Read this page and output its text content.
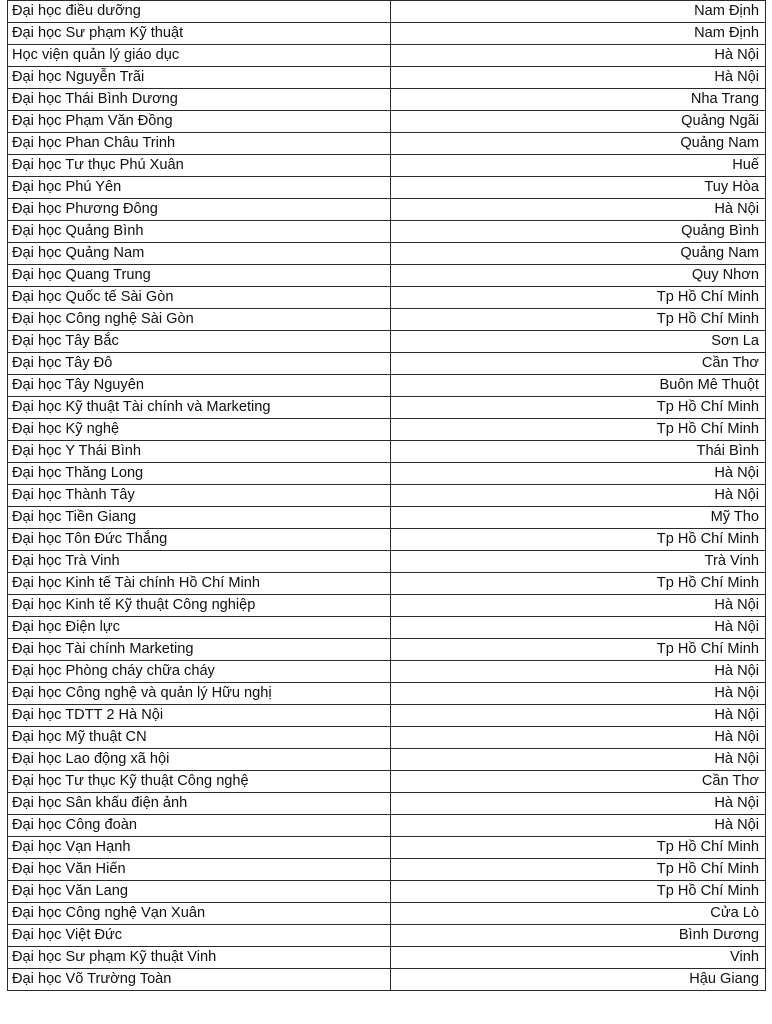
Đại học điều dưỡng	Nam Định
Đại học Sư phạm Kỹ thuật	Nam Định
Học viện quản lý giáo dục	Hà Nội
Đại học Nguyễn Trãi	Hà Nội
Đại học Thái Bình Dương	Nha Trang
Đại học Phạm Văn Đồng	Quảng Ngãi
Đại học Phan Châu Trinh	Quảng Nam
Đại học Tư thục Phú Xuân	Huế
Đại học Phú Yên	Tuy Hòa
Đại học Phương Đông	Hà Nội
Đại học Quảng Bình	Quảng Bình
Đại học Quảng Nam	Quảng Nam
Đại học Quang Trung	Quy Nhơn
Đại học Quốc tế Sài Gòn	Tp Hồ Chí Minh
Đại học Công nghệ Sài Gòn	Tp Hồ Chí Minh
Đại học Tây Bắc	Sơn La
Đại học Tây Đô	Cần Thơ
Đại học Tây Nguyên	Buôn Mê Thuột
Đại học Kỹ thuật Tài chính và Marketing	Tp Hồ Chí Minh
Đại học Kỹ nghệ	Tp Hồ Chí Minh
Đại học Y Thái Bình	Thái Bình
Đại học Thăng Long	Hà Nội
Đại học Thành Tây	Hà Nội
Đại học Tiền Giang	Mỹ Tho
Đại học Tôn Đức Thắng	Tp Hồ Chí Minh
Đại học Trà Vinh	Trà Vinh
Đại học Kinh tế Tài chính Hồ Chí Minh	Tp Hồ Chí Minh
Đại học Kinh tế Kỹ thuật Công nghiệp	Hà Nội
Đại học Điện lực	Hà Nội
Đại học Tài chính Marketing	Tp Hồ Chí Minh
Đại học Phòng cháy chữa cháy	Hà Nội
Đại học Công nghệ và quản lý Hữu nghị	Hà Nội
Đại học TDTT 2 Hà Nội	Hà Nội
Đại học Mỹ thuật CN	Hà Nội
Đại học Lao động xã hội	Hà Nội
Đại học Tư thục Kỹ thuật Công nghệ	Cần Thơ
Đại học Sân khấu điện ảnh	Hà Nội
Đại học Công đoàn	Hà Nội
Đại học Vạn Hạnh	Tp Hồ Chí Minh
Đại học Văn Hiến	Tp Hồ Chí Minh
Đại học Văn Lang	Tp Hồ Chí Minh
Đại học Công nghệ Vạn Xuân	Cửa Lò
Đại học Việt Đức	Bình Dương
Đại học Sư phạm Kỹ thuật Vinh	Vinh
Đại học Võ Trường Toàn	Hậu Giang
